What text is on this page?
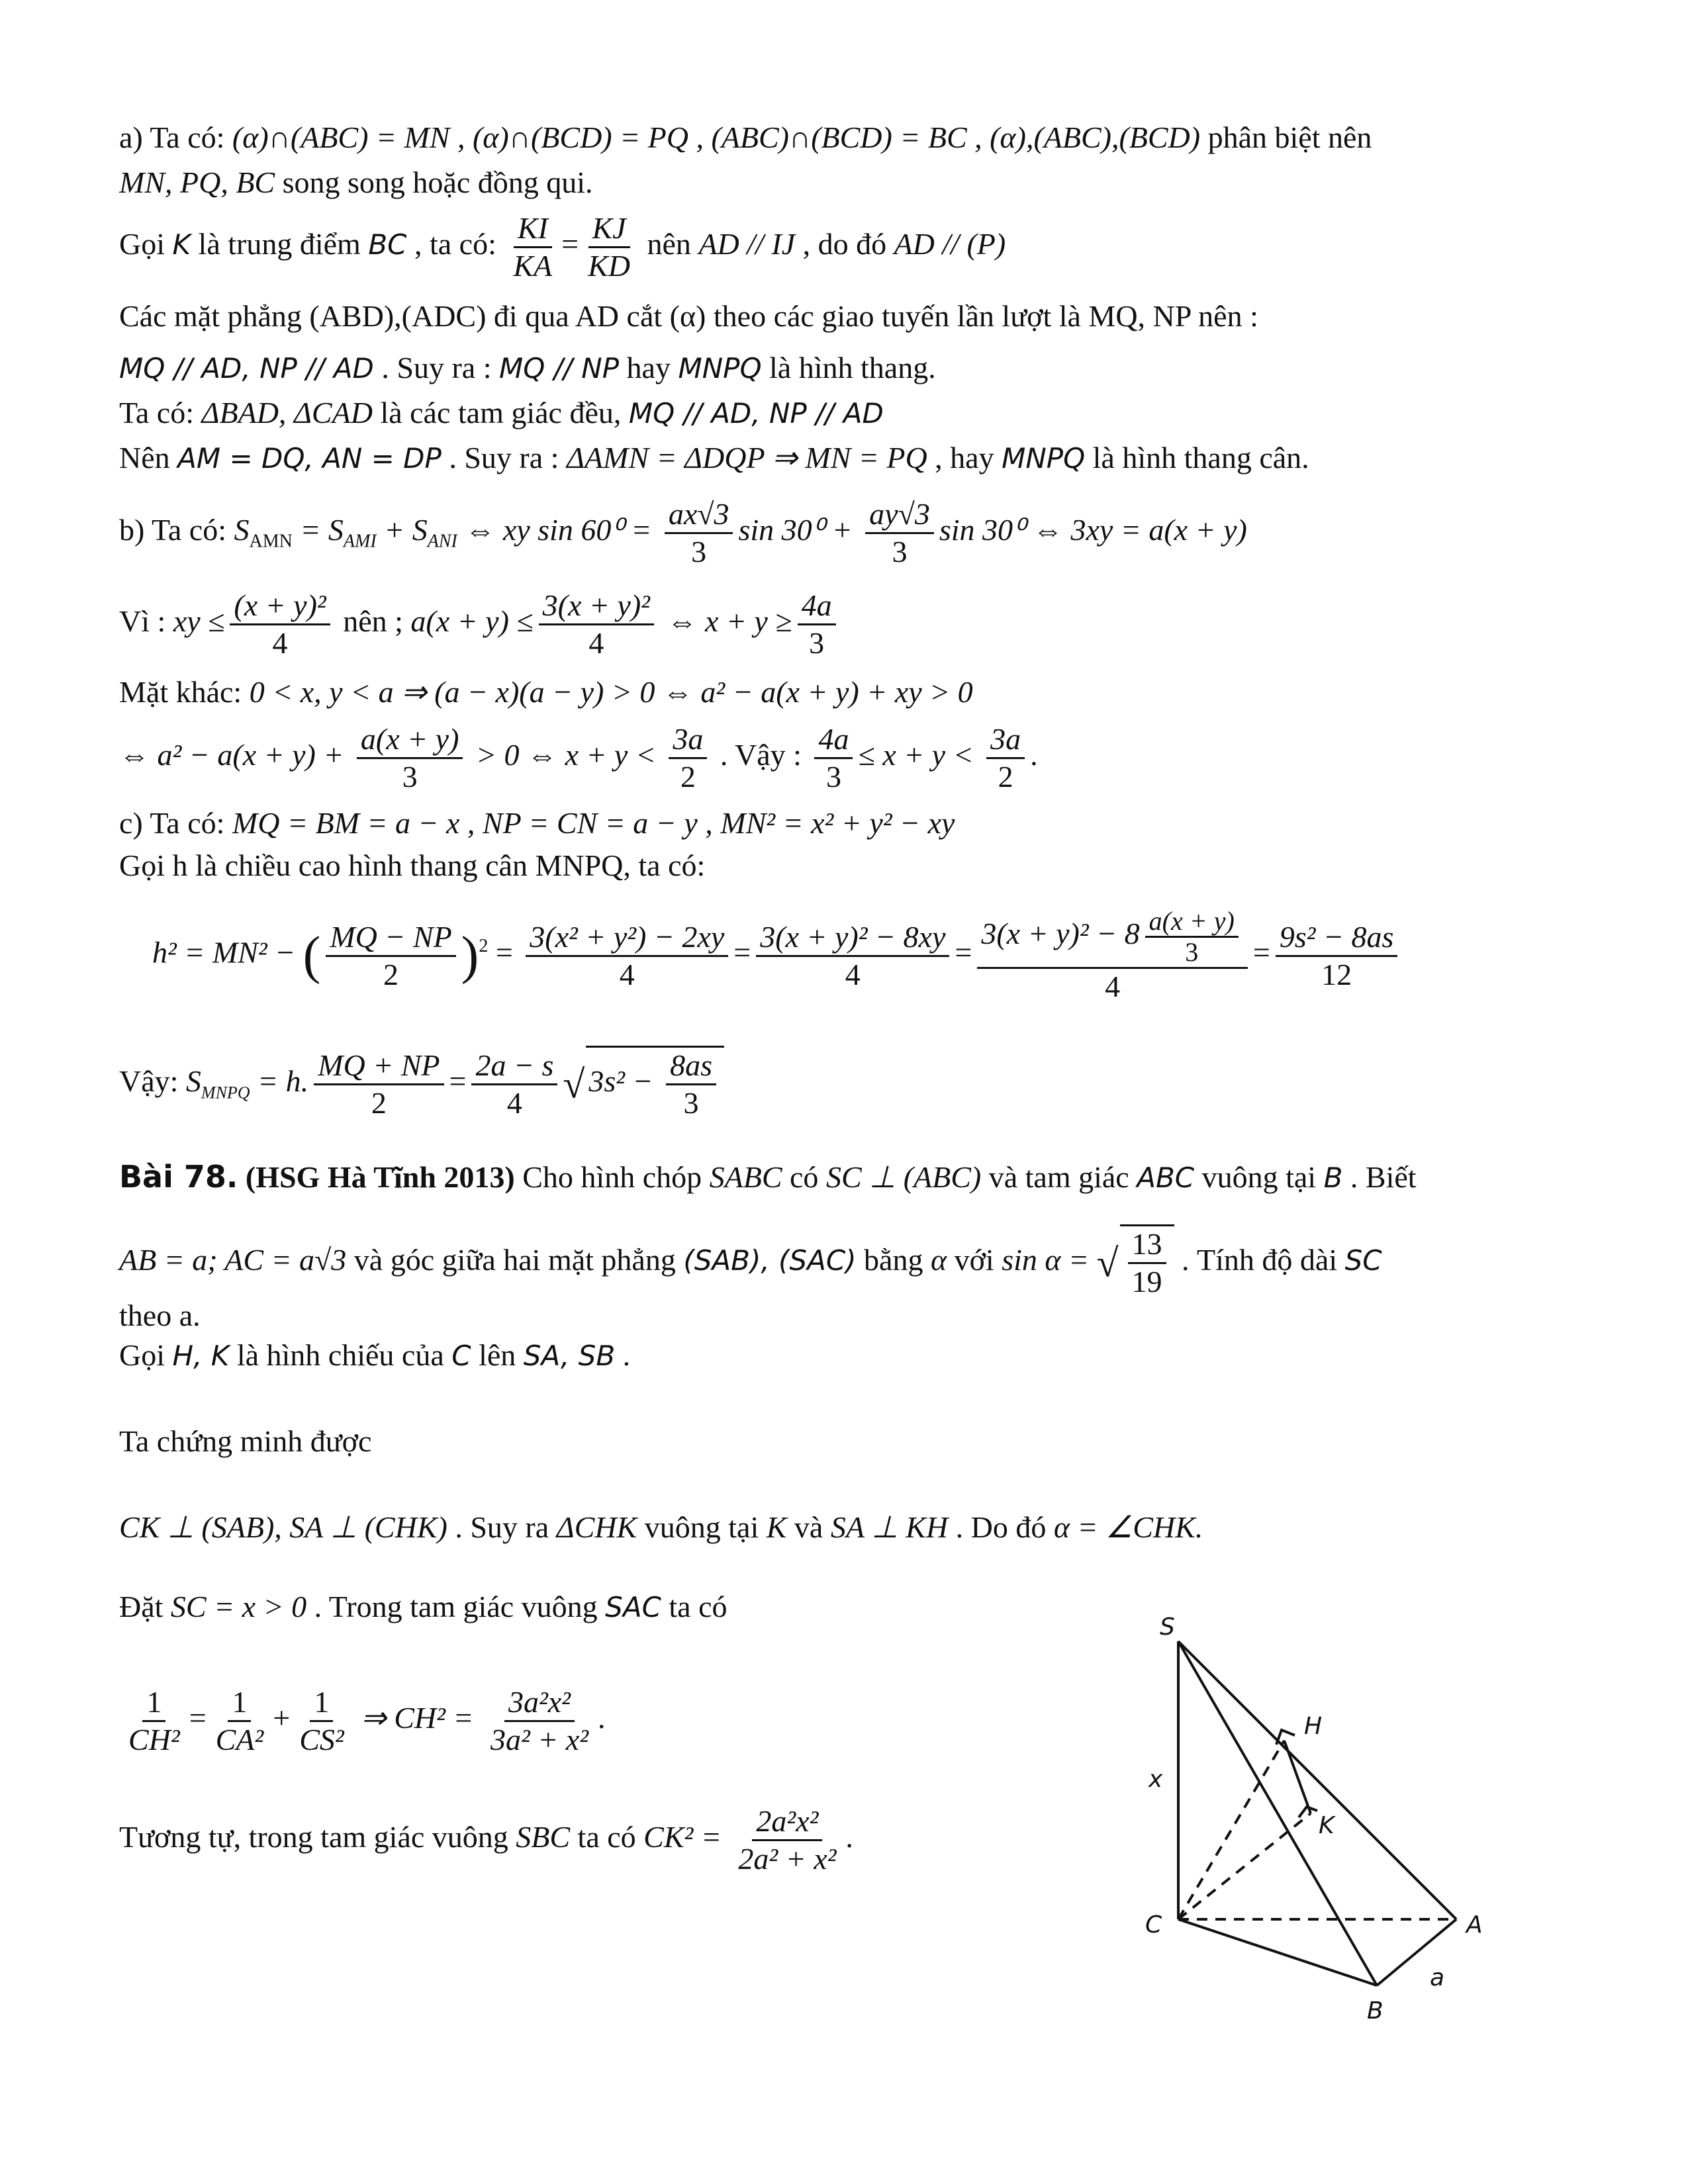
a) Ta có: (α)∩(ABC) = MN , (α)∩(BCD) = PQ , (ABC)∩(BCD) = BC , (α),(ABC),(BCD) phân biệt nên
MN, PQ, BC song song hoặc đồng qui.
Gọi K là trung điểm BC , ta có: $\frac{KI}{KA} = \frac{KJ}{KD}$ nên AD // IJ , do đó AD // (P)
Các mặt phẳng (ABD),(ADC) đi qua AD cắt (α) theo các giao tuyến lần lượt là MQ, NP nên :
MQ // AD, NP // AD . Suy ra : MQ // NP hay MNPQ là hình thang.
Ta có: ΔBAD, ΔCAD là các tam giác đều, MQ // AD, NP // AD
Nên AM = DQ, AN = DP . Suy ra : ΔAMN = ΔDQP ⇒ MN = PQ , hay MNPQ là hình thang cân.
b) Ta có: $S_{AMN} = S_{AMI} + S_{ANI}$ ⇔ xy $\sin 60^0 = \frac{ax√3}{3}$ $\sin 30^0 + \frac{ay√3}{3}$ sin 30⁰ ⇔ 3xy = a(x + y)
Vì : xy ≤ $\frac{\text{(x + y)²}}{4}$ nên ; $a(x + y) \le \frac{\text{3(x + y)²}}{4}$ ⇔ $x + y \ge \frac{4a}{3}$
Mặt khác: 0 < x, y < a ⇒ (a − x)(a − y) > 0 ⇔ a² − a(x + y) + xy > 0
⇔ $a^2 - a(x + y) + \frac{a(x + y)}{3} > 0$ ⇔ $x + y < \frac{3a}{2}$ . Vậy : $\frac{4a}{3} \le x + y < \frac{3a}{2}$ .
c) Ta có: MQ = BM = a − x , NP = CN = a − y , MN² = x² + y² − xy
Gọi h là chiều cao hình thang cân MNPQ, ta có:
h² = MN² − ( $\frac{MQ - NP}{2} )^2 = \frac{\text{3(x² + y²) − 2xy}}{4} = \frac{\text{3(x + y)² − 8xy}}{4} = \frac{3(x + y)^2 - 8 \frac{a(x + y)}{3}}{4} = \frac{\text{9s² − 8as}}{12}$
Vậy: $S_{MNPQ} = h$. $\frac{MQ + NP}{2} = \frac{2a - s}{4}$ √ $3s^2 - \frac{8as}{3}$
Bài 78. (HSG Hà Tĩnh 2013) Cho hình chóp SABC có SC ⊥ (ABC) và tam giác ABC vuông tại B . Biết
AB = a; AC = a√3 và góc giữa hai mặt phẳng (SAB), (SAC) bằng α với sin α = √ $\frac{13}{19}$ . Tính độ dài SC
theo a.
Gọi H, K là hình chiếu của C lên SA, SB .
Ta chứng minh được
CK ⊥ (SAB), SA ⊥ (CHK) . Suy ra ΔCHK vuông tại K và SA ⊥ KH . Do đó α = ∠CHK.
Đặt SC = x > 0 . Trong tam giác vuông SAC ta có
$\frac{1}{\text{CH²}} = \frac{1}{\text{CA²}} + \frac{1}{\text{CS²}}$ ⇒ $CH^2 = \frac{\text{3a²x²}}{\text{3a² + x²}}$ .
Tương tự, trong tam giác vuông SBC ta có $CK^2 = \frac{\text{2a²x²}}{\text{2a² + x²}}$ .
S
H
x
K
C	A
a
B
